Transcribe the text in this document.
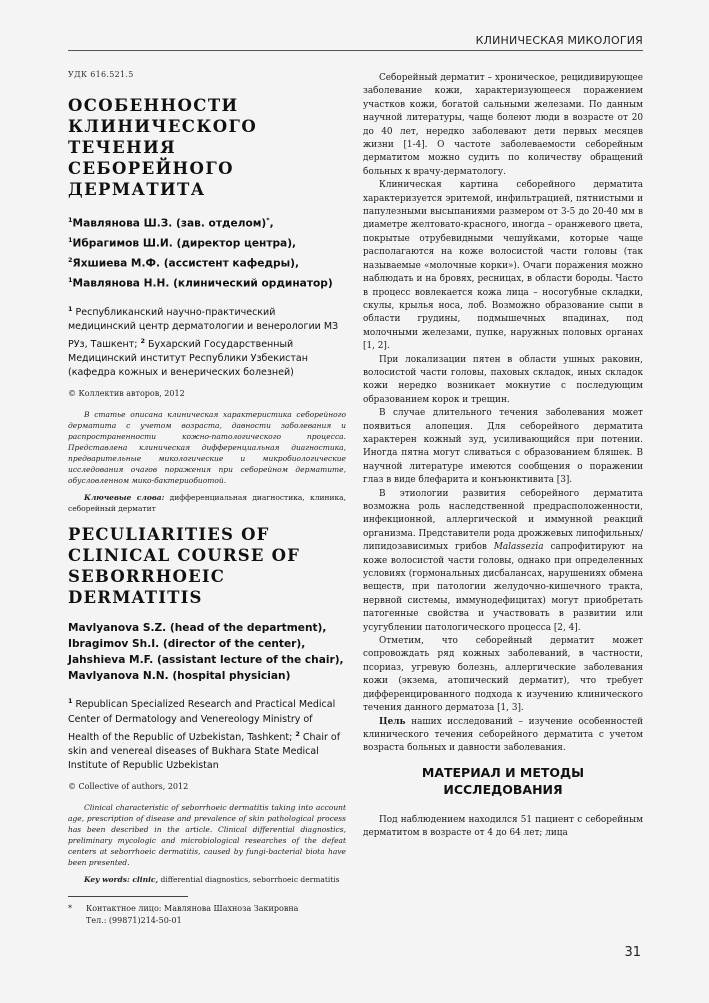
КЛИНИЧЕСКАЯ МИКОЛОГИЯ
УДК 616.521.5
ОСОБЕННОСТИ КЛИНИЧЕСКОГО ТЕЧЕНИЯ СЕБОРЕЙНОГО ДЕРМАТИТА
$^1$Мавлянова Ш.З. (зав. отделом)*,
$^1$Ибрагимов Ш.И. (директор центра),
$^2$Яхшиева М.Ф. (ассистент кафедры),
$^1$Мавлянова Н.Н. (клинический ординатор)
$^1$ Республиканский научно-практический медицинский центр дерматологии и венерологии МЗ РУз, Ташкент; $^2$ Бухарский Государственный Медицинский институт Республики Узбекистан (кафедра кожных и венерических болезней)
© Коллектив авторов, 2012
В статье описана клиническая характеристика себорейного дерматита с учетом возраста, давности заболевания и распространенности кожно-патологического процесса. Представлена клиническая дифференциальная диагностика, предварительные микологические и микробиологические исследования очагов поражения при себорейном дерматите, обусловленном мико-бактериобиотой.
Ключевые слова: дифференциальная диагностика, клиника, себорейный дерматит
PECULIARITIES OF CLINICAL COURSE OF SEBORRHOEIC DERMATITIS
Mavlyanova S.Z. (head of the department), Ibragimov Sh.I. (director of the center), Jahshieva M.F. (assistant lecture of the chair), Mavlyanova N.N. (hospital physician)
$^1$ Republican Specialized Research and Practical Medical Center of Dermatology and Venereology Ministry of Health of the Republic of Uzbekistan, Tashkent; $^2$ Chair of skin and venereal diseases of Bukhara State Medical Institute of Republic Uzbekistan
© Collective of authors, 2012
Clinical characteristic of seborrhoeic dermatitis taking into account age, prescription of disease and prevalence of skin pathological process has been described in the article. Clinical differential diagnostics, preliminary mycologic and microbiological researches of the defeat centers at seborrhoeic dermatitis, caused by fungi-bacterial biota have been presented.
Key words: clinic, differential diagnostics, seborrhoeic dermatitis
* Контактное лицо: Мавлянова Шахноза Закировна
Тел.: (99871)214-50-01

Себорейный дерматит – хроническое, рецидивирующее заболевание кожи, характеризующееся поражением участков кожи, богатой сальными железами. По данным научной литературы, чаще болеют люди в возрасте от 20 до 40 лет, нередко заболевают дети первых месяцев жизни [1-4]. О частоте заболеваемости себорейным дерматитом можно судить по количеству обращений больных к врачу-дерматологу.

Клиническая картина себорейного дерматита характеризуется эритемой, инфильтрацией, пятнистыми и папулезными высыпаниями размером от 3-5 до 20-40 мм в диаметре желтовато-красного, иногда – оранжевого цвета, покрытые отрубевидными чешуйками, которые чаще располагаются на коже волосистой части головы (так называемые «молочные корки»). Очаги поражения можно наблюдать и на бровях, ресницах, в области бороды. Часто в процесс вовлекается кожа лица – носогубные складки, скулы, крылья носа, лоб. Возможно образование сыпи в области грудины, подмышечных впадинах, под молочными железами, пупке, наружных половых органах [1, 2].

При локализации пятен в области ушных раковин, волосистой части головы, паховых складок, иных складок кожи нередко возникает мокнутие с последующим образованием корок и трещин.

В случае длительного течения заболевания может появиться алопеция. Для себорейного дерматита характерен кожный зуд, усиливающийся при потении. Иногда пятна могут сливаться с образованием бляшек. В научной литературе имеются сообщения о поражении глаз в виде блефарита и конъюнктивита [3].

В этиологии развития себорейного дерматита возможна роль наследственной предрасположенности, инфекционной, аллергической и иммунной реакций организма. Представители рода дрожжевых липофильных/липидозависимых грибов Malassezia сапрофитируют на коже волосистой части головы, однако при определенных условиях (гормональных дисбалансах, нарушениях обмена веществ, при патологии желудочно-кишечного тракта, нервной системы, иммунодефицитах) могут приобретать патогенные свойства и участвовать в развитии или усугублении патологического процесса [2, 4].

Отметим, что себорейный дерматит может сопровождать ряд кожных заболеваний, в частности, псориаз, угревую болезнь, аллергические заболевания кожи (экзема, атопический дерматит), что требует дифференцированного подхода к изучению клинического течения данного дерматоза [1, 3].

Цель наших исследований – изучение особенностей клинического течения себорейного дерматита с учетом возраста больных и давности заболевания.

МАТЕРИАЛ И МЕТОДЫ ИССЛЕДОВАНИЯ

Под наблюдением находился 51 пациент с себорейным дерматитом в возрасте от 4 до 64 лет; лица

31
